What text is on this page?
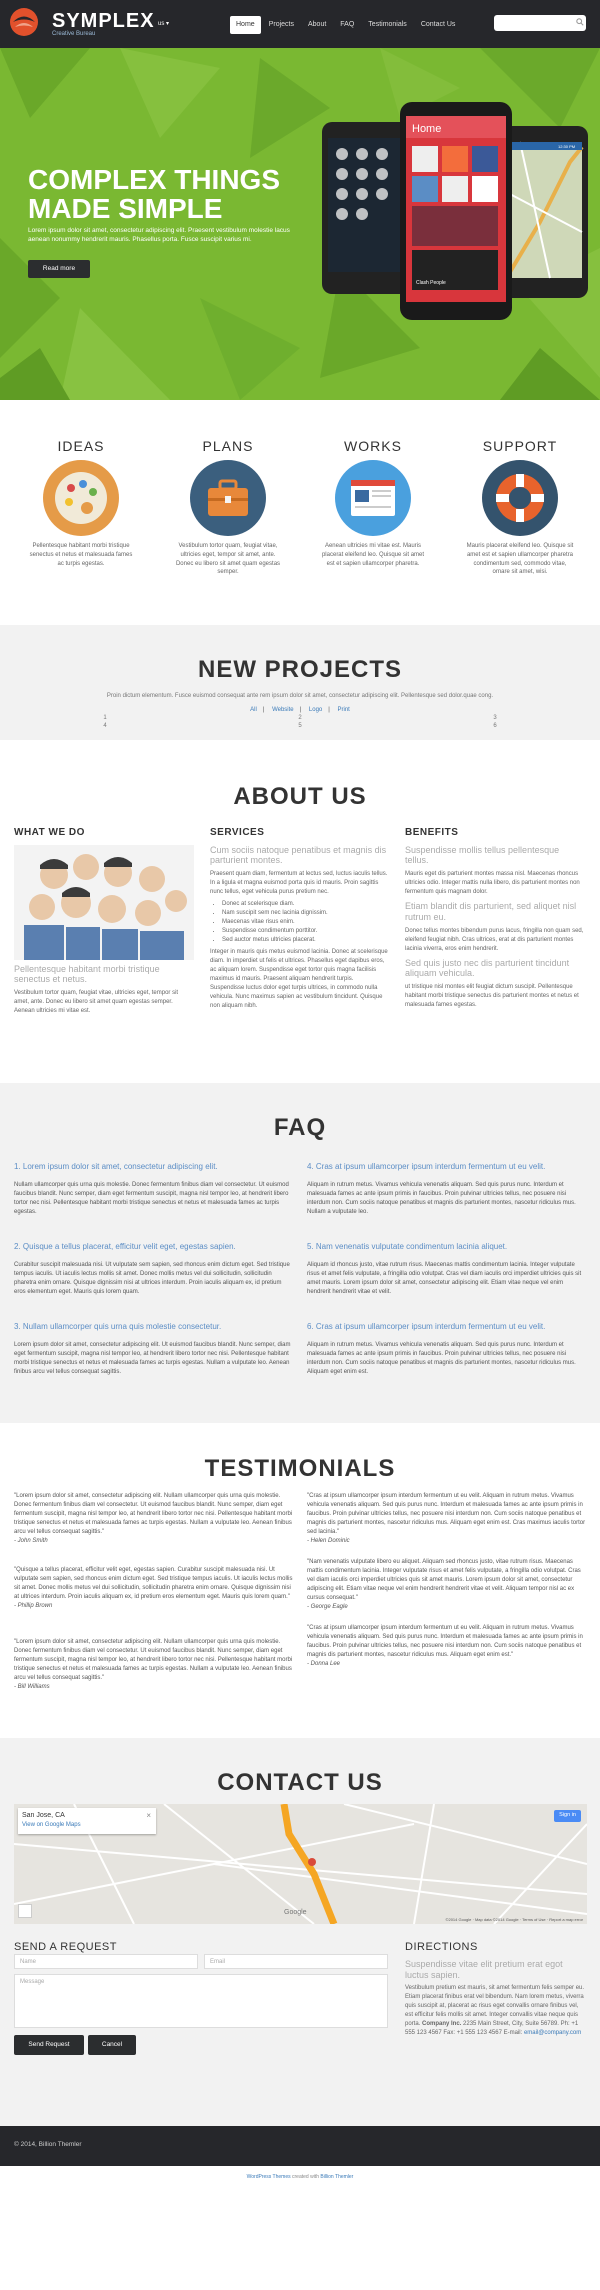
SYMPLEX us ▾
Creative Bureau
Home	Projects	About	FAQ	Testimonials	Contact Us
COMPLEX THINGS
MADE SIMPLE
Lorem ipsum dolor sit amet, consectetur adipiscing elit. Praesent vestibulum molestie lacus aenean nonummy hendrerit mauris. Phasellus porta. Fusce suscipit varius mi.
Read more
12:30 PM
Home
Clash People
IDEAS

Pellentesque habitant morbi tristique senectus et netus et malesuada fames ac turpis egestas.

PLANS

Vestibulum tortor quam, feugiat vitae, ultricies eget, tempor sit amet, ante. Donec eu libero sit amet quam egestas semper.

WORKS

Aenean ultricies mi vitae est. Mauris placerat eleifend leo. Quisque sit amet est et sapien ullamcorper pharetra.

SUPPORT

Mauris placerat eleifend leo. Quisque sit amet est et sapien ullamcorper pharetra condimentum sed, commodo vitae, ornare sit amet, wisi.

NEW PROJECTS
Proin dictum elementum. Fusce euismod consequat ante rem ipsum dolor sit amet, consectetur adipiscing elit. Pellentesque sed dolor.quae cong.
All | Website | Logo | Print
1	2	3
4	5	6
ABOUT US
WHAT WE DO
Pellentesque habitant morbi tristique senectus et netus.
Vestibulum tortor quam, feugiat vitae, ultricies eget, tempor sit amet, ante. Donec eu libero sit amet quam egestas semper. Aenean ultricies mi vitae est.
SERVICES
Cum sociis natoque penatibus et magnis dis parturient montes.
Praesent quam diam, fermentum at lectus sed, luctus iaculis tellus. In a ligula et magna euismod porta quis id mauris. Proin sagittis nunc tellus, eget vehicula purus pretium nec.
• Donec at scelerisque diam.
• Nam suscipit sem nec lacinia dignissim.
• Maecenas vitae risus enim.
• Suspendisse condimentum porttitor.
• Sed auctor metus ultricies placerat.
Integer in mauris quis metus euismod lacinia. Donec at scelerisque diam. In imperdiet ut felis et ultrices. Phasellus eget dapibus eros, ac aliquam lorem. Suspendisse eget tortor quis magna facilisis maximus id mauris. Praesent aliquam hendrerit turpis. Suspendisse luctus dolor eget turpis ultrices, in commodo nulla vehicula. Nunc maximus sapien ac vestibulum tincidunt. Quisque non aliquam nibh.
BENEFITS
Suspendisse mollis tellus pellentesque tellus.
Mauris eget dis parturient montes massa nisl. Maecenas rhoncus ultricies odio. Integer mattis nulla libero, dis parturient montes non fermentum quis magnam dolor.
Etiam blandit dis parturient, sed aliquet nisl rutrum eu.
Donec tellus montes bibendum purus lacus, fringilla non quam sed, eleifend feugiat nibh. Cras ultrices, erat at dis parturient montes lacinia viverra, eros enim hendrerit.
Sed quis justo nec dis parturient tincidunt aliquam vehicula.
ut tristique nisl montes elit feugiat dictum suscipit. Pellentesque habitant morbi tristique senectus dis parturient montes et netus et malesuada fames egestas.
FAQ
1. Lorem ipsum dolor sit amet, consectetur adipiscing elit.

Nullam ullamcorper quis urna quis molestie. Donec fermentum finibus diam vel consectetur. Ut euismod faucibus blandit. Nunc semper, diam eget fermentum suscipit, magna nisl tempor leo, at hendrerit libero tortor nec nisi. Pellentesque habitant morbi tristique senectus et netus et malesuada fames ac turpis egestas.

2. Quisque a tellus placerat, efficitur velit eget, egestas sapien.

Curabitur suscipit malesuada nisi. Ut vulputate sem sapien, sed rhoncus enim dictum eget. Sed tristique tempus iaculis. Ut iaculis lectus mollis sit amet. Donec mollis metus vel dui sollicitudin, sollicitudin pharetra enim ornare. Quisque dignissim nisi at ultrices interdum. Proin iaculis aliquam ex, id pretium eros elementum eget. Mauris quis lorem quam.

3. Nullam ullamcorper quis urna quis molestie consectetur.

Lorem ipsum dolor sit amet, consectetur adipiscing elit. Ut euismod faucibus blandit. Nunc semper, diam eget fermentum suscipit, magna nisl tempor leo, at hendrerit libero tortor nec nisi. Pellentesque habitant morbi tristique senectus et netus et malesuada fames ac turpis egestas. Nullam a vulputate leo. Aenean finibus arcu vel tellus consequat sagittis.

4. Cras at ipsum ullamcorper ipsum interdum fermentum ut eu velit.

Aliquam in rutrum metus. Vivamus vehicula venenatis aliquam. Sed quis purus nunc. Interdum et malesuada fames ac ante ipsum primis in faucibus. Proin pulvinar ultricies tellus, nec posuere nisi interdum non. Cum sociis natoque penatibus et magnis dis parturient montes, nascetur ridiculus mus. Nullam a vulputate leo.

5. Nam venenatis vulputate condimentum lacinia aliquet.

Aliquam id rhoncus justo, vitae rutrum risus. Maecenas mattis condimentum lacinia. Integer vulputate risus et amet felis vulputate, a fringilla odio volutpat. Cras vel diam iaculis orci imperdiet ultricies quis sit amet mauris. Lorem ipsum dolor sit amet, consectetur adipiscing elit. Etiam vitae neque vel enim hendrerit hendrerit vitae et velit.

6. Cras at ipsum ullamcorper ipsum interdum fermentum ut eu velit.

Aliquam in rutrum metus. Vivamus vehicula venenatis aliquam. Sed quis purus nunc. Interdum et malesuada fames ac ante ipsum primis in faucibus. Proin pulvinar ultricies tellus, nec posuere nisi interdum non. Cum sociis natoque penatibus et magnis dis parturient montes, nascetur ridiculus mus. Aliquam eget enim est.

TESTIMONIALS
"Lorem ipsum dolor sit amet, consectetur adipiscing elit. Nullam ullamcorper quis urna quis molestie. Donec fermentum finibus diam vel consectetur. Ut euismod faucibus blandit. Nunc semper, diam eget fermentum suscipit, magna nisl tempor leo, at hendrerit libero tortor nec nisi. Pellentesque habitant morbi tristique senectus et netus et malesuada fames ac turpis egestas. Nullam a vulputate leo. Aenean finibus arcu vel tellus consequat sagittis."
- John Smith
"Quisque a tellus placerat, efficitur velit eget, egestas sapien. Curabitur suscipit malesuada nisi. Ut vulputate sem sapien, sed rhoncus enim dictum eget. Sed tristique tempus iaculis. Ut iaculis lectus mollis sit amet. Donec mollis metus vel dui sollicitudin, sollicitudin pharetra enim ornare. Quisque dignissim nisi at ultrices interdum. Proin iaculis aliquam ex, id pretium eros elementum eget. Mauris quis lorem quam."
- Phillip Brown
"Lorem ipsum dolor sit amet, consectetur adipiscing elit. Nullam ullamcorper quis urna quis molestie. Donec fermentum finibus diam vel consectetur. Ut euismod faucibus blandit. Nunc semper, diam eget fermentum suscipit, magna nisl tempor leo, at hendrerit libero tortor nec nisi. Pellentesque habitant morbi tristique senectus et netus et malesuada fames ac turpis egestas. Nullam a vulputate leo. Aenean finibus arcu vel tellus consequat sagittis."
- Bill Williams
"Cras at ipsum ullamcorper ipsum interdum fermentum ut eu velit. Aliquam in rutrum metus. Vivamus vehicula venenatis aliquam. Sed quis purus nunc. Interdum et malesuada fames ac ante ipsum primis in faucibus. Proin pulvinar ultricies tellus, nec posuere nisi interdum non. Cum sociis natoque penatibus et magnis dis parturient montes, nascetur ridiculus mus. Aliquam eget enim est. Cras maximus iaculis tortor sed lacinia."
- Helen Dominic
"Nam venenatis vulputate libero eu aliquet. Aliquam sed rhoncus justo, vitae rutrum risus. Maecenas mattis condimentum lacinia. Integer vulputate risus et amet felis vulputate, a fringilla odio volutpat. Cras vel diam iaculis orci imperdiet ultricies quis sit amet mauris. Lorem ipsum dolor sit amet, consectetur adipiscing elit. Etiam vitae neque vel enim hendrerit hendrerit vitae et velit. Aliquam tempor nisl ac ex cursus consequat."
- George Eagle
"Cras at ipsum ullamcorper ipsum interdum fermentum ut eu velit. Aliquam in rutrum metus. Vivamus vehicula venenatis aliquam. Sed quis purus nunc. Interdum et malesuada fames ac ante ipsum primis in faucibus. Proin pulvinar ultricies tellus, nec posuere nisi interdum non. Cum sociis natoque penatibus et magnis dis parturient montes, nascetur ridiculus mus. Aliquam eget enim est."
- Donna Lee
CONTACT US
San Jose, CA
View on Google Maps
×	Sign in
Google
©2014 Google · Map data ©2014 Google · Terms of Use · Report a map error
SEND A REQUEST
Name	Email
Message
Send Request	Cancel
DIRECTIONS
Suspendisse vitae elit pretium erat egot luctus sapien.
Vestibulum pretium est mauris, sit amet fermentum felis semper eu. Etiam placerat finibus erat vel bibendum. Nam lorem metus, viverra quis suscipit at, placerat ac risus eget convallis ornare finibus vel, est efficitur felis mollis sit amet. Integer convallis vitae neque quis porta. Company Inc. 2235 Main Street, City, Suite 56789. Ph: +1 555 123 4567 Fax: +1 555 123 4567 E-mail: email@company.com
© 2014, Billion Themler
WordPress Themes created with Billion Themler
